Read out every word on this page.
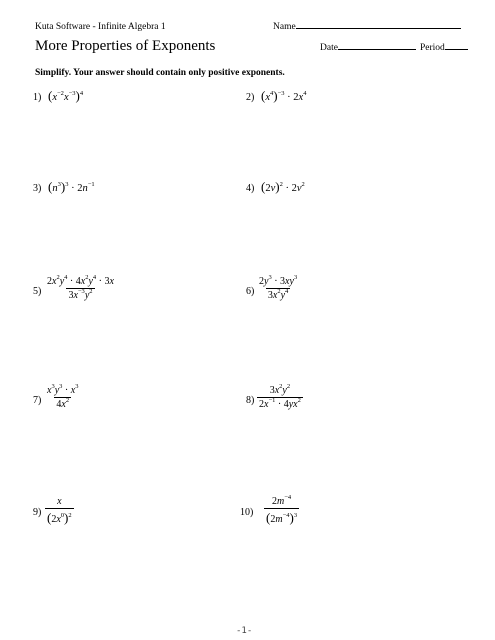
Kuta Software - Infinite Algebra 1	Name
More Properties of Exponents	Date	Period
Simplify. Your answer should contain only positive exponents.
1) $(x^{-2}x^{-3})^4$	2) $(x^4)^{-3} \cdot 2x^4$
3) $(n^3)^3 \cdot 2n^{-1}$	4) $(2v)^2 \cdot 2v^2$
$5) \frac{2x^2y^4 \cdot 4x^2y^4 \cdot 3x}{3x^{-3}y^2}$	$6) \frac{2y^3 \cdot 3xy^3}{3x^2y^4}$
$7) \frac{x^3y^3 \cdot x^3}{4x^2}$	$8) \frac{3x^2y^2}{2x^{-1} \cdot 4yx^2}$
$9) \frac{x}{(2x^0)^2}$	$10) \frac{2m^{-4}}{(2m^{-4})^3}$
-1-
